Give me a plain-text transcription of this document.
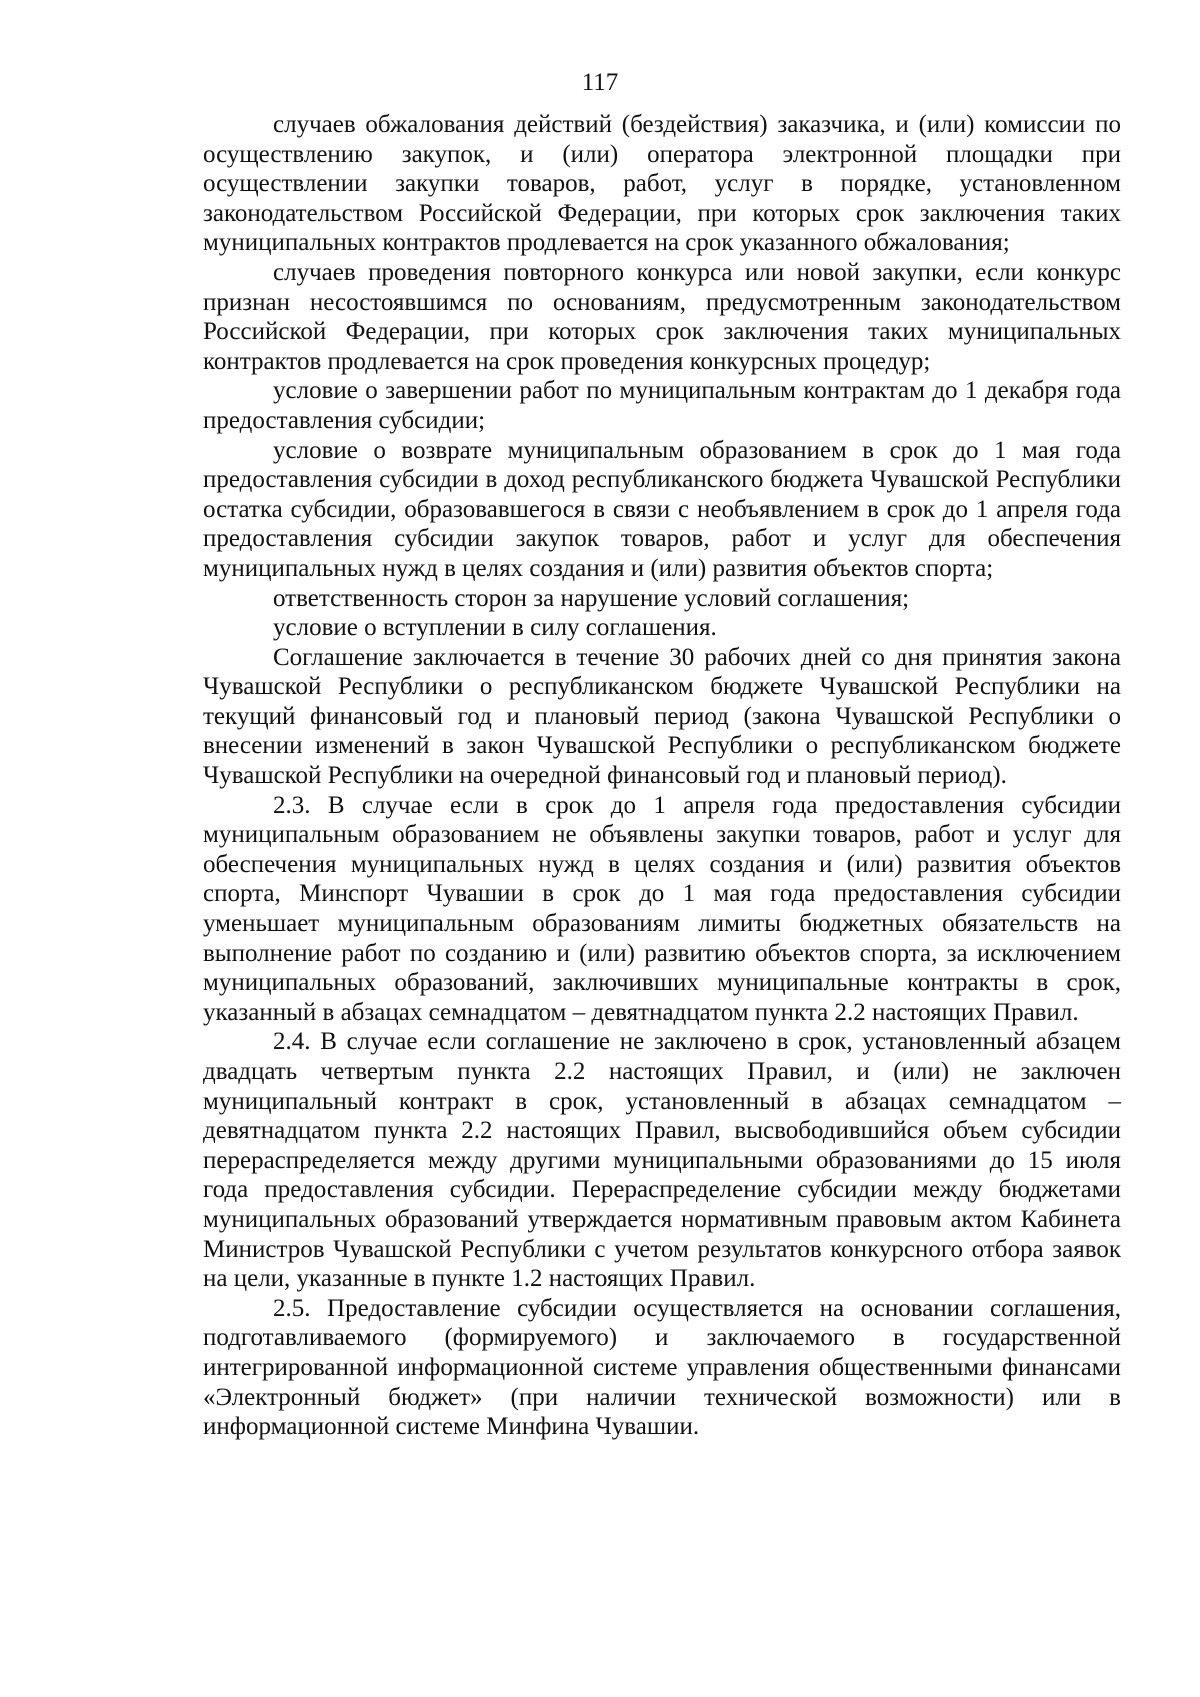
117

случаев обжалования действий (бездействия) заказчика, и (или) комиссии по осуществлению закупок, и (или) оператора электронной площадки при осуществлении закупки товаров, работ, услуг в порядке, установленном законодательством Российской Федерации, при которых срок заключения таких муниципальных контрактов продлевается на срок указанного обжалования;

случаев проведения повторного конкурса или новой закупки, если конкурс признан несостоявшимся по основаниям, предусмотренным законодательством Российской Федерации, при которых срок заключения таких муниципальных контрактов продлевается на срок проведения конкурсных процедур;

условие о завершении работ по муниципальным контрактам до 1 декабря года предоставления субсидии;

условие о возврате муниципальным образованием в срок до 1 мая года предоставления субсидии в доход республиканского бюджета Чувашской Республики остатка субсидии, образовавшегося в связи с необъявлением в срок до 1 апреля года предоставления субсидии закупок товаров, работ и услуг для обеспечения муниципальных нужд в целях создания и (или) развития объектов спорта;

ответственность сторон за нарушение условий соглашения;

условие о вступлении в силу соглашения.

Соглашение заключается в течение 30 рабочих дней со дня принятия закона Чувашской Республики о республиканском бюджете Чувашской Республики на текущий финансовый год и плановый период (закона Чувашской Республики о внесении изменений в закон Чувашской Республики о республиканском бюджете Чувашской Республики на очередной финансовый год и плановый период).

2.3. В случае если в срок до 1 апреля года предоставления субсидии муниципальным образованием не объявлены закупки товаров, работ и услуг для обеспечения муниципальных нужд в целях создания и (или) развития объектов спорта, Минспорт Чувашии в срок до 1 мая года предоставления субсидии уменьшает муниципальным образованиям лимиты бюджетных обязательств на выполнение работ по созданию и (или) развитию объектов спорта, за исключением муниципальных образований, заключивших муниципальные контракты в срок, указанный в абзацах семнадцатом – девятнадцатом пункта 2.2 настоящих Правил.

2.4. В случае если соглашение не заключено в срок, установленный абзацем двадцать четвертым пункта 2.2 настоящих Правил, и (или) не заключен муниципальный контракт в срок, установленный в абзацах семнадцатом – девятнадцатом пункта 2.2 настоящих Правил, высвободившийся объем субсидии перераспределяется между другими муниципальными образованиями до 15 июля года предоставления субсидии. Перераспределение субсидии между бюджетами муниципальных образований утверждается нормативным правовым актом Кабинета Министров Чувашской Республики с учетом результатов конкурсного отбора заявок на цели, указанные в пункте 1.2 настоящих Правил.

2.5. Предоставление субсидии осуществляется на основании соглашения, подготавливаемого (формируемого) и заключаемого в государственной интегрированной информационной системе управления общественными финансами «Электронный бюджет» (при наличии технической возможности) или в информационной системе Минфина Чувашии.
